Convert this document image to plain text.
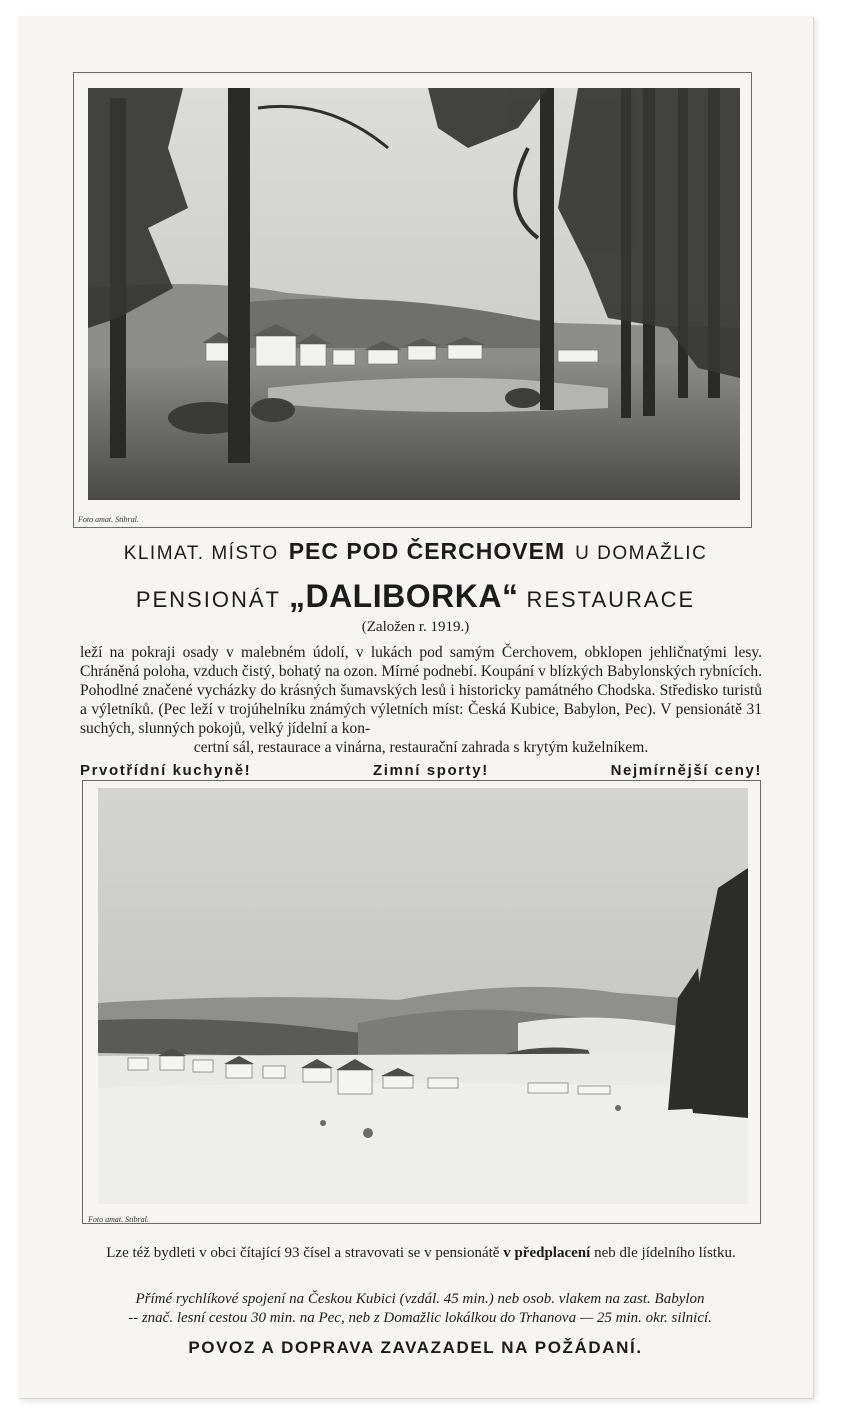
Foto amat. Stibral.
KLIMAT. MÍSTO PEC POD ČERCHOVEM U DOMAŽLIC
PENSIONÁT „DALIBORKA“ RESTAURACE
(Založen r. 1919.)
leží na pokraji osady v malebném údolí, v lukách pod samým Čerchovem, obklopen jehličnatými lesy. Chráněná poloha, vzduch čistý, bohatý na ozon. Mírné podnebí. Koupání v blízkých Babylonských rybnících. Pohodlné značené vycházky do krásných šumavských lesů i historicky památného Chodska. Středisko turistů a výletníků. (Pec leží v trojúhelníku známých výletních míst: Česká Kubice, Babylon, Pec). V pensionátě 31 suchých, slunných pokojů, velký jídelní a kon-
certní sál, restaurace a vinárna, restaurační zahrada s krytým kuželníkem.
Prvotřídní kuchyně!	Zimní sporty!	Nejmírnější ceny!
Foto amat. Stibral.
Lze též bydleti v obci čítající 93 čísel a stravovati se v pensionátě v předplacení neb dle jídelního lístku.
Přímé rychlíkové spojení na Českou Kubici (vzdál. 45 min.) neb osob. vlakem na zast. Babylon
-- znač. lesní cestou 30 min. na Pec, neb z Domažlic lokálkou do Trhanova — 25 min. okr. silnicí.
POVOZ A DOPRAVA ZAVAZADEL NA POŽÁDANÍ.
